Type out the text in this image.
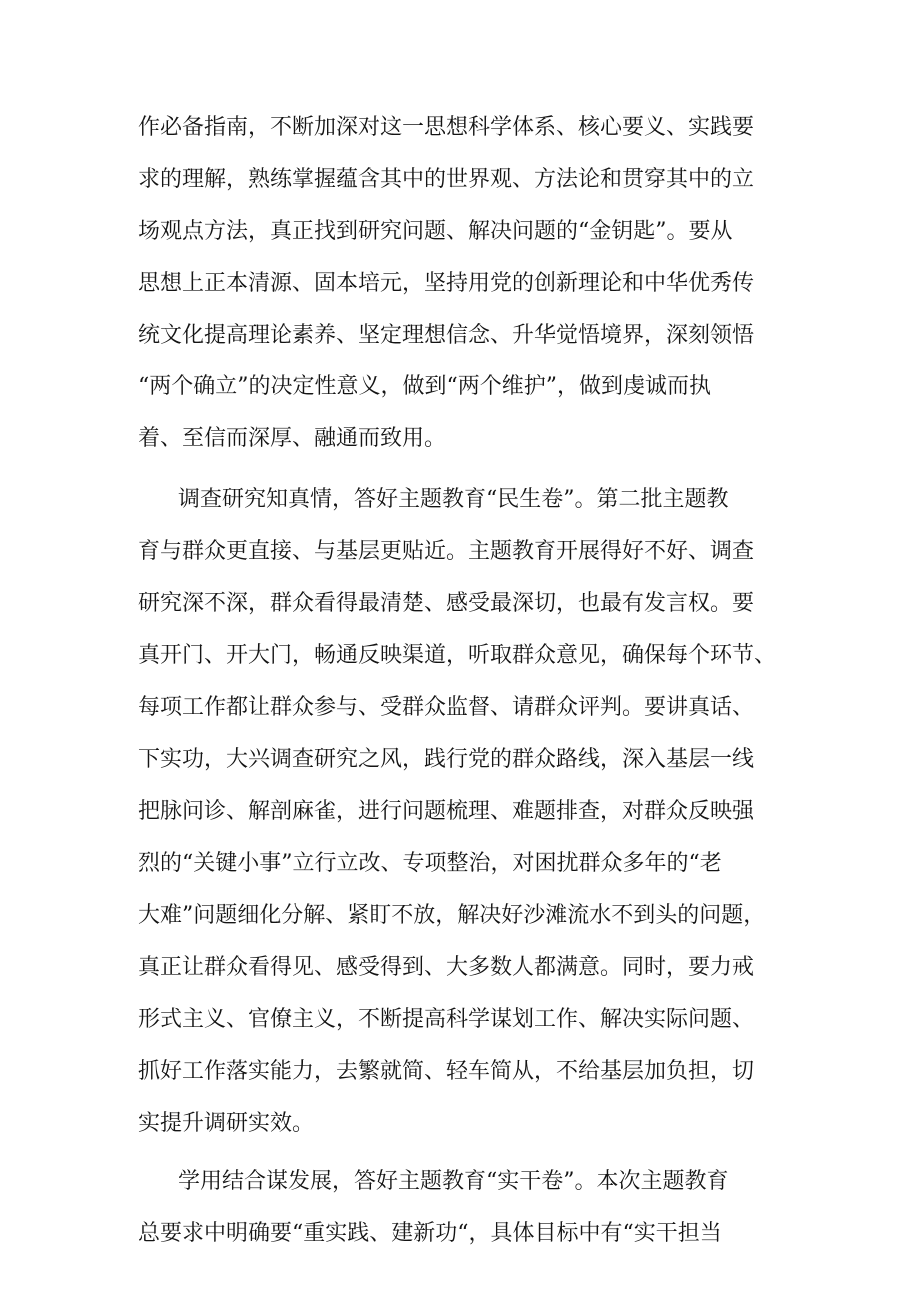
作必备指南，不断加深对这一思想科学体系、核心要义、实践要
求的理解，熟练掌握蕴含其中的世界观、方法论和贯穿其中的立
场观点方法，真正找到研究问题、解决问题的“金钥匙”。要从
思想上正本清源、固本培元，坚持用党的创新理论和中华优秀传
统文化提高理论素养、坚定理想信念、升华觉悟境界，深刻领悟
“两个确立”的决定性意义，做到“两个维护”，做到虔诚而执
着、至信而深厚、融通而致用。
调查研究知真情，答好主题教育“民生卷”。第二批主题教
育与群众更直接、与基层更贴近。主题教育开展得好不好、调查
研究深不深，群众看得最清楚、感受最深切，也最有发言权。要
真开门、开大门，畅通反映渠道，听取群众意见，确保每个环节、
每项工作都让群众参与、受群众监督、请群众评判。要讲真话、
下实功，大兴调查研究之风，践行党的群众路线，深入基层一线
把脉问诊、解剖麻雀，进行问题梳理、难题排查，对群众反映强
烈的“关键小事”立行立改、专项整治，对困扰群众多年的“老
大难”问题细化分解、紧盯不放，解决好沙滩流水不到头的问题，
真正让群众看得见、感受得到、大多数人都满意。同时，要力戒
形式主义、官僚主义，不断提高科学谋划工作、解决实际问题、
抓好工作落实能力，去繁就简、轻车简从，不给基层加负担，切
实提升调研实效。
学用结合谋发展，答好主题教育“实干卷”。本次主题教育
总要求中明确要“重实践、建新功“，具体目标中有“实干担当
